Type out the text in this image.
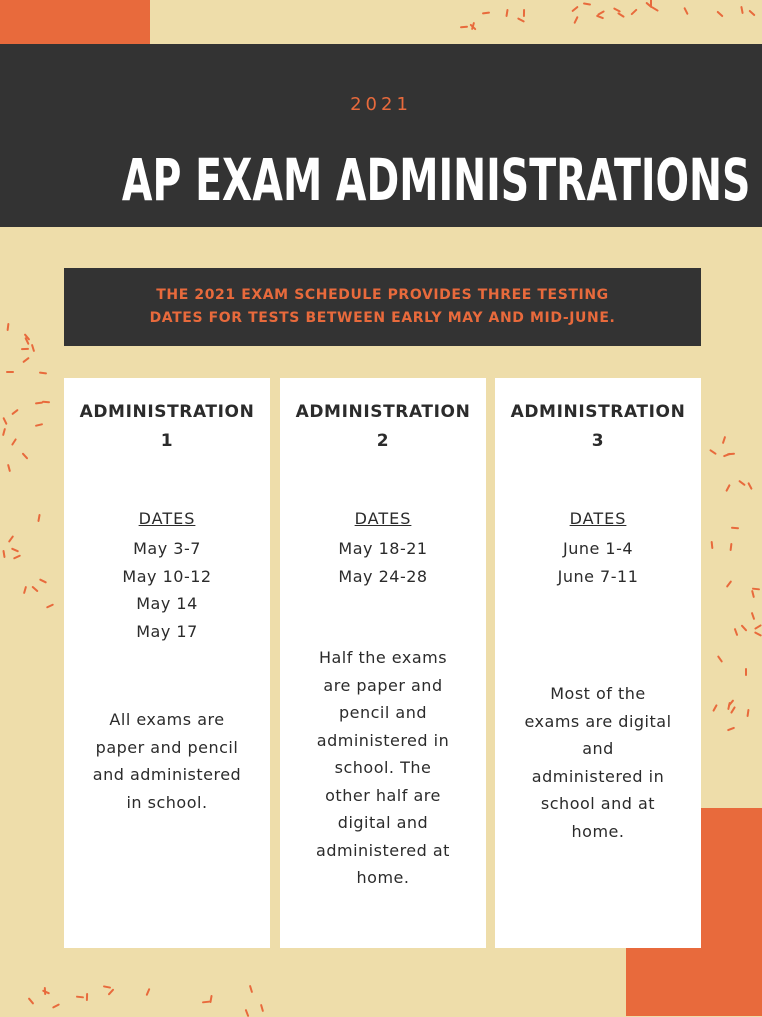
2021
AP EXAM ADMINISTRATIONS
THE 2021 EXAM SCHEDULE PROVIDES THREE TESTING
DATES FOR TESTS BETWEEN EARLY MAY AND MID-JUNE.
ADMINISTRATION
1
DATES
May 3-7
May 10-12
May 14
May 17
All exams are
paper and pencil
and administered
in school.
ADMINISTRATION
2
DATES
May 18-21
May 24-28
Half the exams
are paper and
pencil and
administered in
school. The
other half are
digital and
administered at
home.
ADMINISTRATION
3
DATES
June 1-4
June 7-11
Most of the
exams are digital
and
administered in
school and at
home.
